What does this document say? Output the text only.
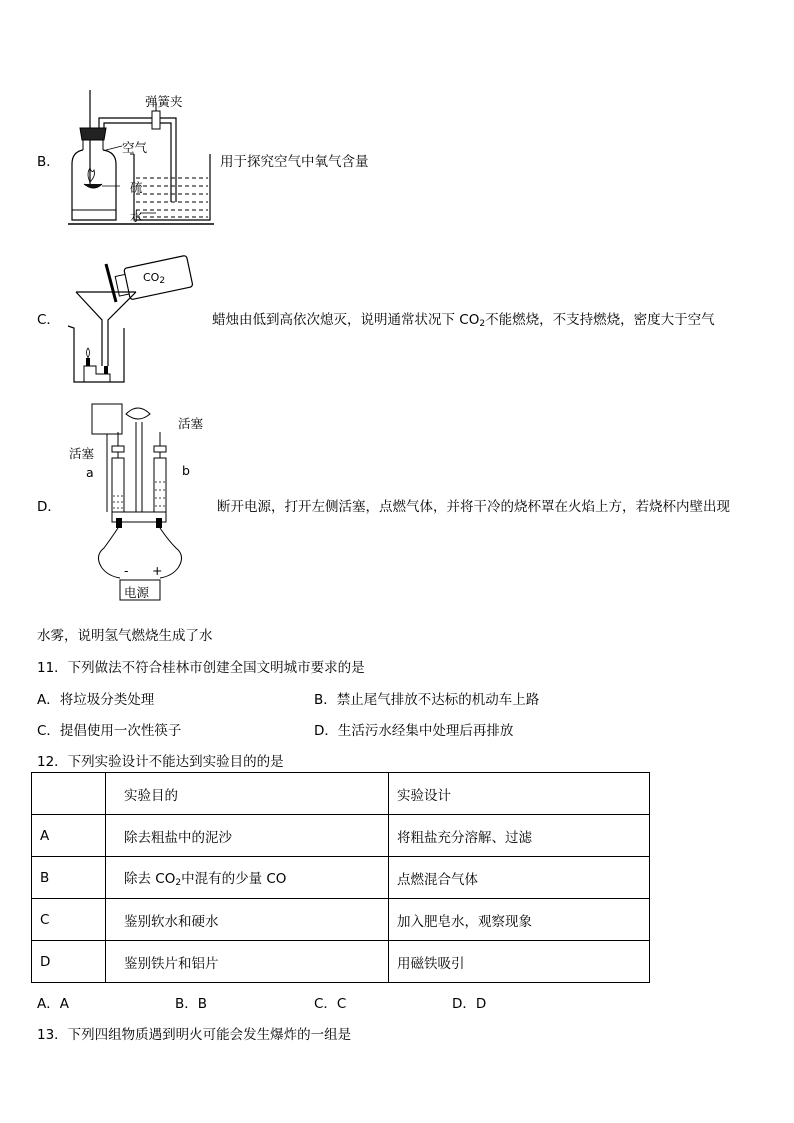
B．
弹簧夹
空气
硫
水
用于探究空气中氧气含量
C．
$CO_2$
蜡烛由低到高依次熄灭，说明通常状况下 $CO_2$不能燃烧，不支持燃烧，密度大于空气
D．
活塞
活塞
a	b
- +
电源
断开电源，打开左侧活塞，点燃气体，并将干冷的烧杯罩在火焰上方，若烧杯内壁出现
水雾，说明氢气燃烧生成了水
11．下列做法不符合桂林市创建全国文明城市要求的是
A．将垃圾分类处理	B．禁止尾气排放不达标的机动车上路
C．提倡使用一次性筷子	D．生活污水经集中处理后再排放
12．下列实验设计不能达到实验目的的是
	实验目的	实验设计
A	除去粗盐中的泥沙	将粗盐充分溶解、过滤
B	除去 $CO_2$中混有的少量 CO	点燃混合气体
C	鉴别软水和硬水	加入肥皂水，观察现象
D	鉴别铁片和铝片	用磁铁吸引
A．A	B．B	C．C	D．D
13．下列四组物质遇到明火可能会发生爆炸的一组是
